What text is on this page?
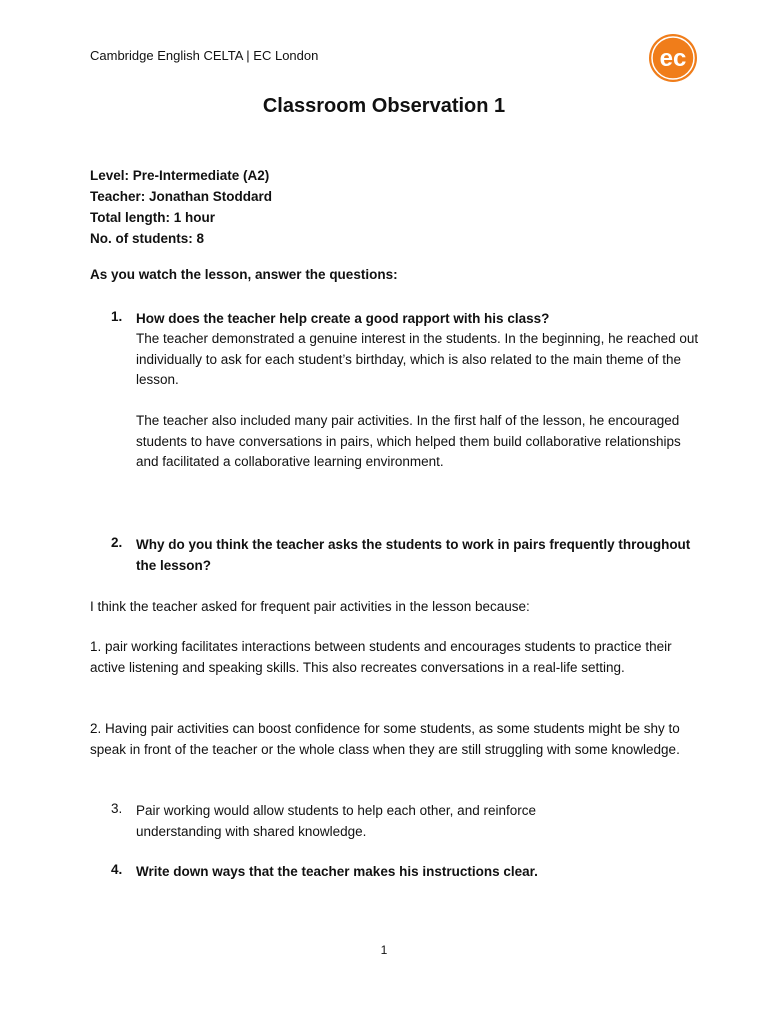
Cambridge English CELTA | EC London	ec
Classroom Observation 1
Level: Pre-Intermediate (A2)
Teacher: Jonathan Stoddard
Total length: 1 hour
No. of students: 8
As you watch the lesson, answer the questions:
1. How does the teacher help create a good rapport with his class?
The teacher demonstrated a genuine interest in the students. In the beginning, he reached out individually to ask for each student’s birthday, which is also related to the main theme of the lesson.
The teacher also included many pair activities. In the first half of the lesson, he encouraged students to have conversations in pairs, which helped them build collaborative relationships and facilitated a collaborative learning environment.
2. Why do you think the teacher asks the students to work in pairs frequently throughout the lesson?
I think the teacher asked for frequent pair activities in the lesson because:
1. pair working facilitates interactions between students and encourages students to practice their active listening and speaking skills. This also recreates conversations in a real-life setting.
2. Having pair activities can boost confidence for some students, as some students might be shy to speak in front of the teacher or the whole class when they are still struggling with some knowledge.
3. Pair working would allow students to help each other, and reinforce understanding with shared knowledge.
4. Write down ways that the teacher makes his instructions clear.
1
